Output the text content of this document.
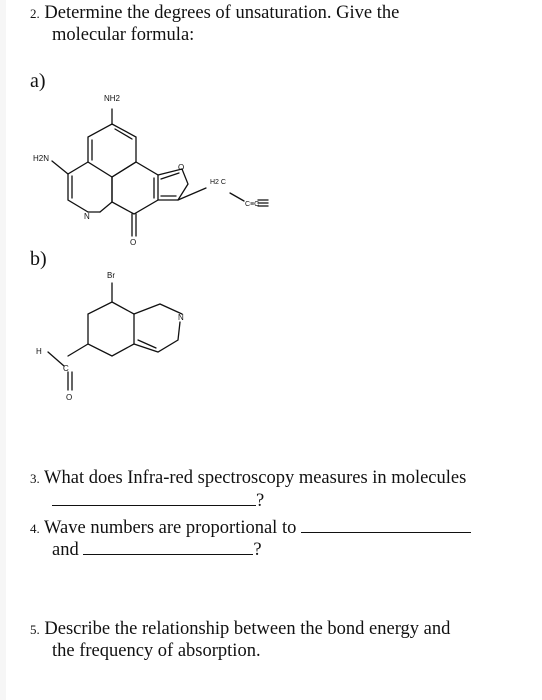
2. Determine the degrees of unsaturation. Give the
molecular formula:
a)
b)
NH2
H2N
N
O
O
H2 C
C≡C
Br
N
H
C
O
3. What does Infra-red spectroscopy measures in molecules
?
4. Wave numbers are proportional to
and	?
5. Describe the relationship between the bond energy and
the frequency of absorption.
